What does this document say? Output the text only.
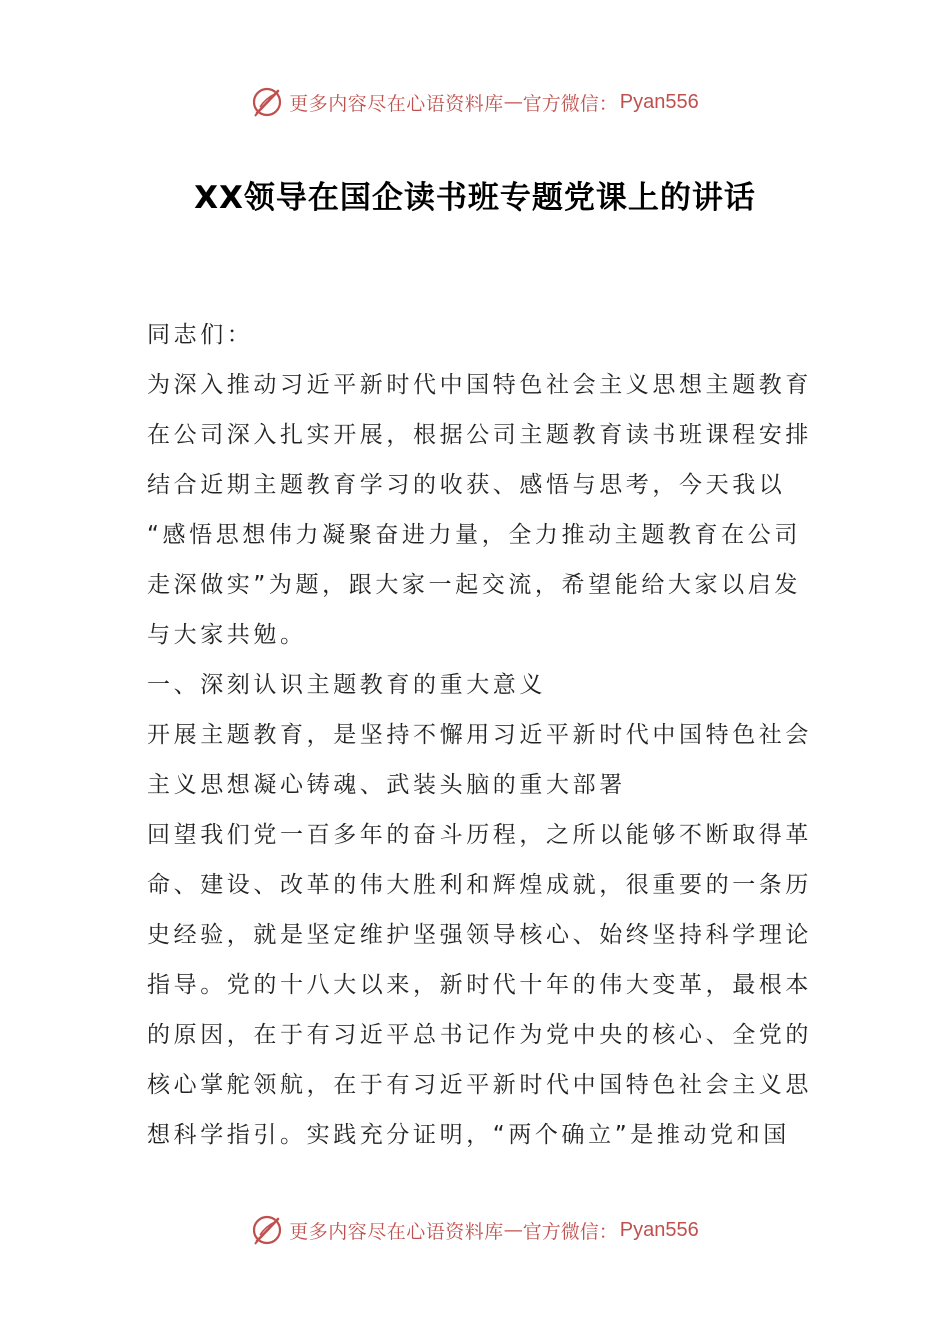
更多内容尽在心语资料库 — 官方微信： Pyan556
XX领导在国企读书班专题党课上的讲话
同志们：
为深入推动习近平新时代中国特色社会主义思想主题教育
在公司深入扎实开展，根据公司主题教育读书班课程安排
结合近期主题教育学习的收获、感悟与思考，今天我以
“感悟思想伟力凝聚奋进力量，全力推动主题教育在公司
走深做实”为题，跟大家一起交流，希望能给大家以启发
与大家共勉。
一、深刻认识主题教育的重大意义
开展主题教育，是坚持不懈用习近平新时代中国特色社会
主义思想凝心铸魂、武装头脑的重大部署
回望我们党一百多年的奋斗历程，之所以能够不断取得革
命、建设、改革的伟大胜利和辉煌成就，很重要的一条历
史经验，就是坚定维护坚强领导核心、始终坚持科学理论
指导。党的十八大以来，新时代十年的伟大变革，最根本
的原因，在于有习近平总书记作为党中央的核心、全党的
核心掌舵领航，在于有习近平新时代中国特色社会主义思
想科学指引。实践充分证明，“两个确立”是推动党和国
更多内容尽在心语资料库 — 官方微信： Pyan556
